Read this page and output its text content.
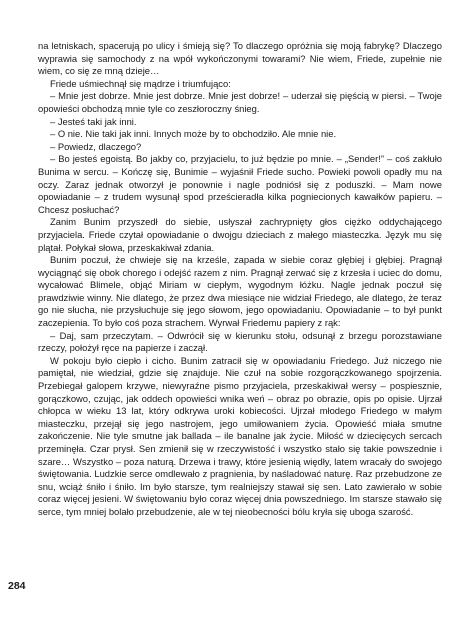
na letniskach, spacerują po ulicy i śmieją się? To dlaczego opróżnia się moją fabrykę? Dlaczego wyprawia się samochody z na wpół wykończonymi towarami? Nie wiem, Friede, zupełnie nie wiem, co się ze mną dzieje…

Friede uśmiechnął się mądrze i triumfująco:

– Mnie jest dobrze. Mnie jest dobrze. Mnie jest dobrze! – uderzał się pięścią w piersi. – Twoje opowieści obchodzą mnie tyle co zeszłoroczny śnieg.

– Jesteś taki jak inni.

– O nie. Nie taki jak inni. Innych może by to obchodziło. Ale mnie nie.

– Powiedz, dlaczego?

– Bo jesteś egoistą. Bo jakby co, przyjacielu, to już będzie po mnie. – „Sender!” – coś zakłuło Bunima w sercu. – Kończę się, Bunimie – wyjaśnił Friede sucho. Powieki powoli opadły mu na oczy. Zaraz jednak otworzył je ponownie i nagle podniósł się z poduszki. – Mam nowe opowiadanie – z trudem wysunął spod prześcieradła kilka pogniecionych kawałków papieru. – Chcesz posłuchać?

Zanim Bunim przyszedł do siebie, usłyszał zachrypnięty głos ciężko oddychającego przyjaciela. Friede czytał opowiadanie o dwojgu dzieciach z małego miasteczka. Język mu się plątał. Połykał słowa, przeskakiwał zdania.

Bunim poczuł, że chwieje się na krześle, zapada w siebie coraz głębiej i głębiej. Pragnął wyciągnąć się obok chorego i odejść razem z nim. Pragnął zerwać się z krzesła i uciec do domu, wycałować Blimele, objąć Miriam w ciepłym, wygodnym łóżku. Nagle jednak poczuł się prawdziwie winny. Nie dlatego, że przez dwa miesiące nie widział Friedego, ale dlatego, że teraz go nie słucha, nie przysłuchuje się jego słowom, jego opowiadaniu. Opowiadanie – to był punkt zaczepienia. To było coś poza strachem. Wyrwał Friedemu papiery z rąk:

– Daj, sam przeczytam. – Odwrócił się w kierunku stołu, odsunął z brzegu porozstawiane rzeczy, położył ręce na papierze i zaczął.

W pokoju było ciepło i cicho. Bunim zatracił się w opowiadaniu Friedego. Już niczego nie pamiętał, nie wiedział, gdzie się znajduje. Nie czuł na sobie rozgorączkowanego spojrzenia. Przebiegał galopem krzywe, niewyraźne pismo przyjaciela, przeskakiwał wersy – pospiesznie, gorączkowo, czując, jak oddech opowieści wnika weń – obraz po obrazie, opis po opisie. Ujrzał chłopca w wieku 13 lat, który odkrywa uroki kobiecości. Ujrzał młodego Friedego w małym miasteczku, przejął się jego nastrojem, jego umiłowaniem życia. Opowieść miała smutne zakończenie. Nie tyle smutne jak ballada – ile banalne jak życie. Miłość w dziecięcych sercach przeminęła. Czar prysł. Sen zmienił się w rzeczywistość i wszystko stało się takie powszednie i szare… Wszystko – poza naturą. Drzewa i trawy, które jesienią więdły, latem wracały do swojego świętowania. Ludzkie serce omdlewało z pragnienia, by naśladować naturę. Raz przebudzone ze snu, wciąż śniło i śniło. Im było starsze, tym realniejszy stawał się sen. Lato zawierało w sobie coraz więcej jesieni. W świętowaniu było coraz więcej dnia powszedniego. Im starsze stawało się serce, tym mniej bolało przebudzenie, ale w tej nieobecności bólu kryła się uboga szarość.

284
